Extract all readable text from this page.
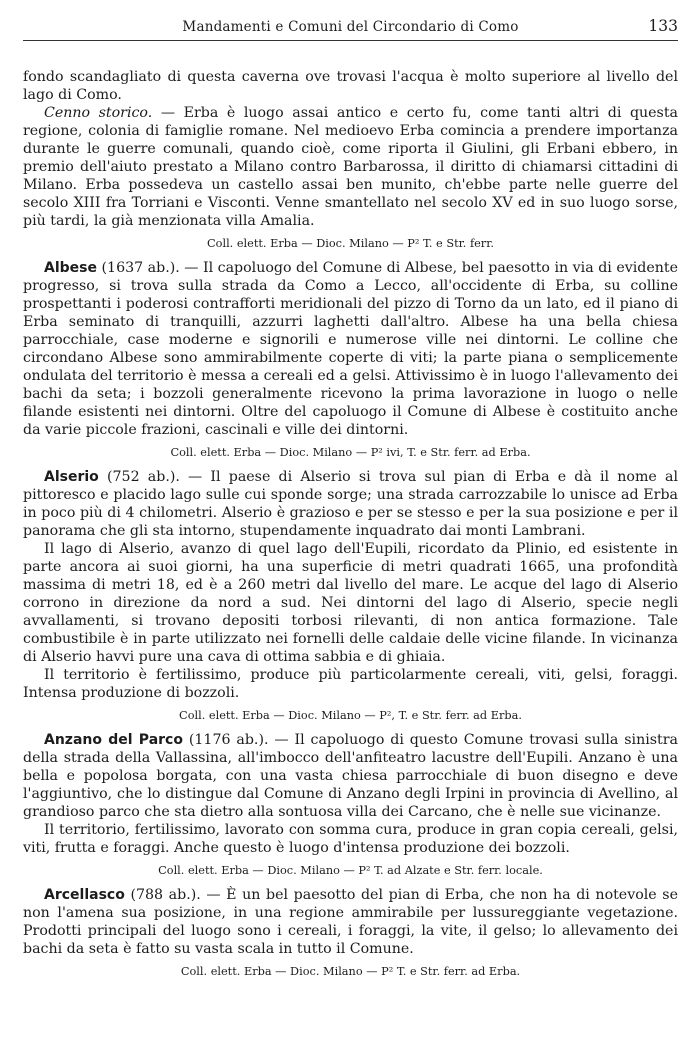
Mandamenti e Comuni del Circondario di Como	133

fondo scandagliato di questa caverna ove trovasi l'acqua è molto superiore al livello del lago di Como.

Cenno storico. — Erba è luogo assai antico e certo fu, come tanti altri di questa regione, colonia di famiglie romane. Nel medioevo Erba comincia a prendere importanza durante le guerre comunali, quando cioè, come riporta il Giulini, gli Erbani ebbero, in premio dell'aiuto prestato a Milano contro Barbarossa, il diritto di chiamarsi cittadini di Milano. Erba possedeva un castello assai ben munito, ch'ebbe parte nelle guerre del secolo XIII fra Torriani e Visconti. Venne smantellato nel secolo XV ed in suo luogo sorse, più tardi, la già menzionata villa Amalia.

Coll. elett. Erba — Dioc. Milano — P² T. e Str. ferr.

Albese (1637 ab.). — Il capoluogo del Comune di Albese, bel paesotto in via di evidente progresso, si trova sulla strada da Como a Lecco, all'occidente di Erba, su colline prospettanti i poderosi contrafforti meridionali del pizzo di Torno da un lato, ed il piano di Erba seminato di tranquilli, azzurri laghetti dall'altro. Albese ha una bella chiesa parrocchiale, case moderne e signorili e numerose ville nei dintorni. Le colline che circondano Albese sono ammirabilmente coperte di viti; la parte piana o semplicemente ondulata del territorio è messa a cereali ed a gelsi. Attivissimo è in luogo l'allevamento dei bachi da seta; i bozzoli generalmente ricevono la prima lavorazione in luogo o nelle filande esistenti nei dintorni. Oltre del capoluogo il Comune di Albese è costituito anche da varie piccole frazioni, cascinali e ville dei dintorni.

Coll. elett. Erba — Dioc. Milano — P² ivi, T. e Str. ferr. ad Erba.

Alserio (752 ab.). — Il paese di Alserio si trova sul pian di Erba e dà il nome al pittoresco e placido lago sulle cui sponde sorge; una strada carrozzabile lo unisce ad Erba in poco più di 4 chilometri. Alserio è grazioso e per se stesso e per la sua posizione e per il panorama che gli sta intorno, stupendamente inquadrato dai monti Lambrani.

Il lago di Alserio, avanzo di quel lago dell'Eupili, ricordato da Plinio, ed esistente in parte ancora ai suoi giorni, ha una superficie di metri quadrati 1665, una profondità massima di metri 18, ed è a 260 metri dal livello del mare. Le acque del lago di Alserio corrono in direzione da nord a sud. Nei dintorni del lago di Alserio, specie negli avvallamenti, si trovano depositi torbosi rilevanti, di non antica formazione. Tale combustibile è in parte utilizzato nei fornelli delle caldaie delle vicine filande. In vicinanza di Alserio havvi pure una cava di ottima sabbia e di ghiaia.

Il territorio è fertilissimo, produce più particolarmente cereali, viti, gelsi, foraggi. Intensa produzione di bozzoli.

Coll. elett. Erba — Dioc. Milano — P², T. e Str. ferr. ad Erba.

Anzano del Parco (1176 ab.). — Il capoluogo di questo Comune trovasi sulla sinistra della strada della Vallassina, all'imbocco dell'anfiteatro lacustre dell'Eupili. Anzano è una bella e popolosa borgata, con una vasta chiesa parrocchiale di buon disegno e deve l'aggiuntivo, che lo distingue dal Comune di Anzano degli Irpini in provincia di Avellino, al grandioso parco che sta dietro alla sontuosa villa dei Carcano, che è nelle sue vicinanze.

Il territorio, fertilissimo, lavorato con somma cura, produce in gran copia cereali, gelsi, viti, frutta e foraggi. Anche questo è luogo d'intensa produzione dei bozzoli.

Coll. elett. Erba — Dioc. Milano — P² T. ad Alzate e Str. ferr. locale.

Arcellasco (788 ab.). — È un bel paesotto del pian di Erba, che non ha di notevole se non l'amena sua posizione, in una regione ammirabile per lussureggiante vegetazione. Prodotti principali del luogo sono i cereali, i foraggi, la vite, il gelso; lo allevamento dei bachi da seta è fatto su vasta scala in tutto il Comune.

Coll. elett. Erba — Dioc. Milano — P² T. e Str. ferr. ad Erba.
